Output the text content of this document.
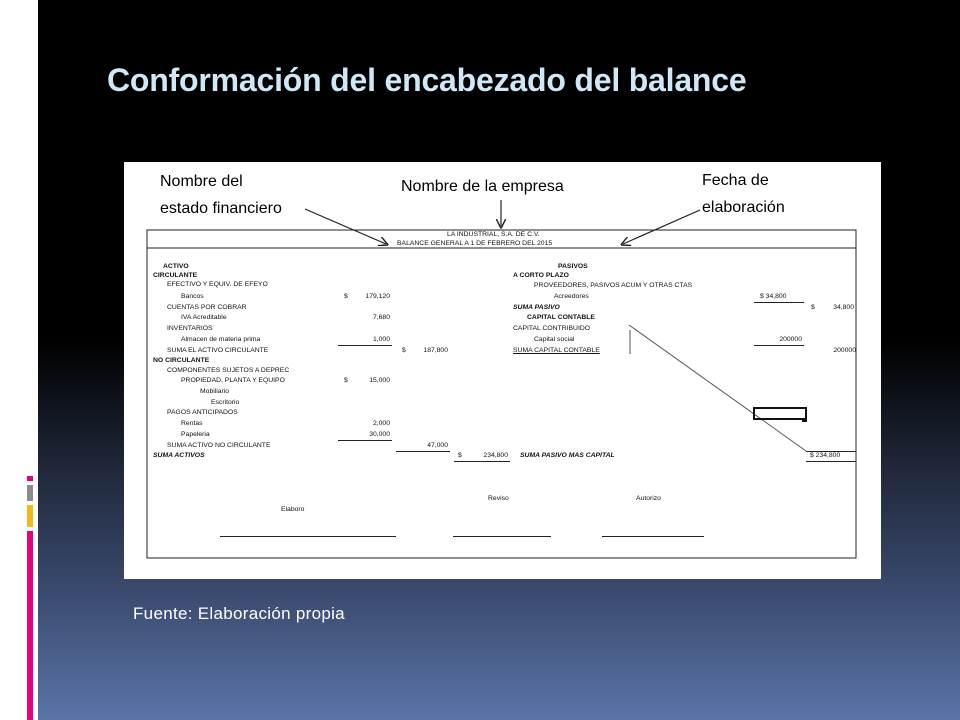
Conformación del encabezado del balance
Nombre del
estado financiero
Nombre de la empresa	Fecha de
elaboración
LA INDUSTRIAL, S.A. DE C.V.
BALANCE GENERAL A 1 DE FEBRERO DEL 2015
ACTIVO
CIRCULANTE
EFECTIVO Y EQUIV. DE EFEYO
Bancos	$	179,120
CUENTAS POR COBRAR
IVA Acreditable	7,680
INVENTARIOS
Almacen de materia prima	1,000
SUMA EL ACTIVO CIRCULANTE	$	187,800
NO CIRCULANTE
COMPONENTES SUJETOS A DEPREC
PROPIEDAD, PLANTA Y EQUIPO	$	15,000
Mobiliario
Escritorio
PAGOS ANTICIPADOS
Rentas	2,000
Papeleria	30,000
SUMA ACTIVO NO CIRCULANTE	47,000
SUMA ACTIVOS	$	234,800
PASIVOS
A CORTO PLAZO
PROVEEDORES, PASIVOS ACUM Y OTRAS CTAS
Acreedores	$ 34,800
SUMA PASIVO	$	34,800
CAPITAL CONTABLE
CAPITAL CONTRIBUIDO
Capital social	200000
SUMA CAPITAL CONTABLE	200000
SUMA PASIVO MAS CAPITAL	$ 234,800
Elaboro
Reviso	Autorizo

Fuente: Elaboración propia
